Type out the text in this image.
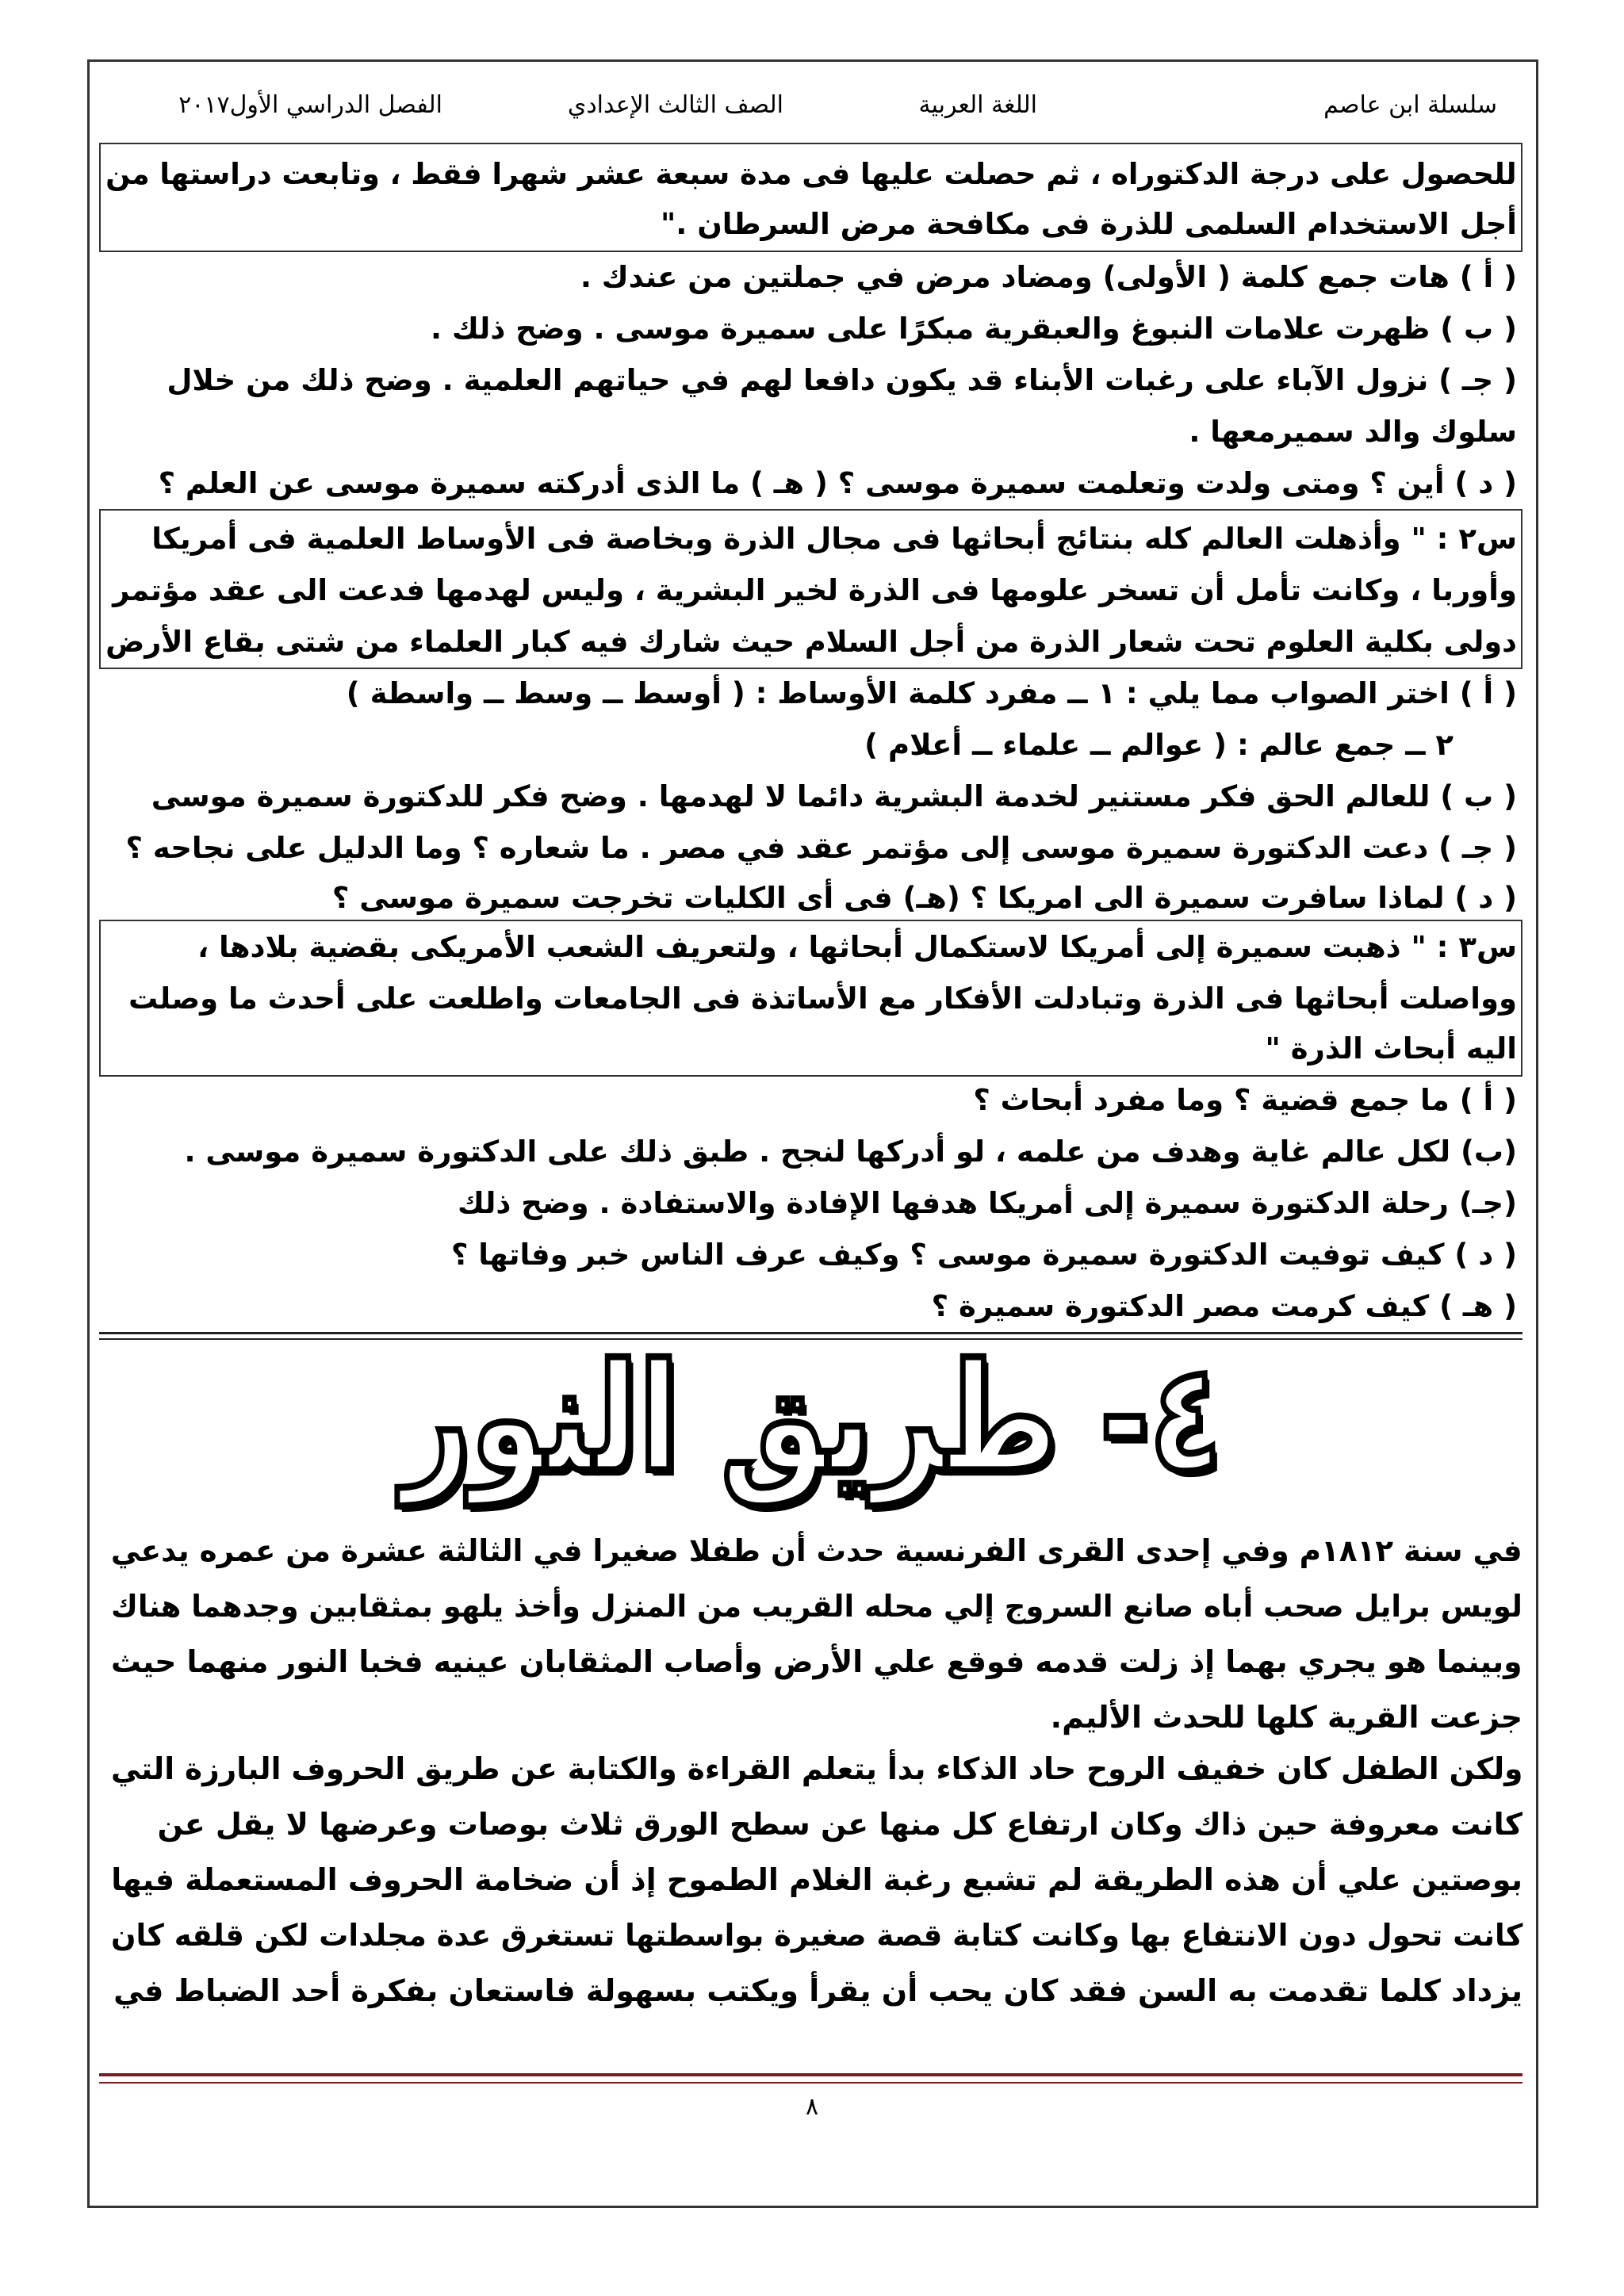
سلسلة ابن عاصم
اللغة العربية
الصف الثالث الإعدادي
الفصل الدراسي الأول٢٠١٧
للحصول على درجة الدكتوراه ، ثم حصلت عليها فى مدة سبعة عشر شهرا فقط ، وتابعت دراستها من
أجل الاستخدام السلمى للذرة فى مكافحة مرض السرطان ."
( أ ) هات جمع كلمة ( الأولى) ومضاد مرض في جملتين من عندك .
( ب ) ظهرت علامات النبوغ والعبقرية مبكرًا على سميرة موسى . وضح ذلك .
( جـ ) نزول الآباء على رغبات الأبناء قد يكون دافعا لهم في حياتهم العلمية . وضح ذلك من خلال
سلوك والد سميرمعها .
( د ) أين ؟ ومتى ولدت وتعلمت سميرة موسى ؟ ( هـ ) ما الذى أدركته سميرة موسى عن العلم ؟
س٢ : " وأذهلت العالم كله بنتائج أبحاثها فى مجال الذرة وبخاصة فى الأوساط العلمية فى أمريكا
وأوربا ، وكانت تأمل أن تسخر علومها فى الذرة لخير البشرية ، وليس لهدمها فدعت الى عقد مؤتمر
دولى بكلية العلوم تحت شعار الذرة من أجل السلام حيث شارك فيه كبار العلماء من شتى بقاع الأرض
( أ ) اختر الصواب مما يلي : ١ ــ مفرد كلمة الأوساط : ( أوسط ــ وسط ــ واسطة )
٢ ــ جمع عالم : ( عوالم ــ علماء ــ أعلام )
( ب ) للعالم الحق فكر مستنير لخدمة البشرية دائما لا لهدمها . وضح فكر للدكتورة سميرة موسى
( جـ ) دعت الدكتورة سميرة موسى إلى مؤتمر عقد في مصر . ما شعاره ؟ وما الدليل على نجاحه ؟
( د ) لماذا سافرت سميرة الى امريكا ؟ (هـ) فى أى الكليات تخرجت سميرة موسى ؟
س٣ : " ذهبت سميرة إلى أمريكا لاستكمال أبحاثها ، ولتعريف الشعب الأمريكى بقضية بلادها ،
وواصلت أبحاثها فى الذرة وتبادلت الأفكار مع الأساتذة فى الجامعات واطلعت على أحدث ما وصلت
اليه أبحاث الذرة "
( أ ) ما جمع قضية ؟ وما مفرد أبحاث ؟
(ب) لكل عالم غاية وهدف من علمه ، لو أدركها لنجح . طبق ذلك على الدكتورة سميرة موسى .
(جـ) رحلة الدكتورة سميرة إلى أمريكا هدفها الإفادة والاستفادة . وضح ذلك
( د ) كيف توفيت الدكتورة سميرة موسى ؟ وكيف عرف الناس خبر وفاتها ؟
( هـ ) كيف كرمت مصر الدكتورة سميرة ؟
٤- طريق النور
في سنة ١٨١٢م وفي إحدى القرى الفرنسية حدث أن طفلا صغيرا في الثالثة عشرة من عمره يدعي
لويس برايل صحب أباه صانع السروج إلي محله القريب من المنزل وأخذ يلهو بمثقابين وجدهما هناك
وبينما هو يجري بهما إذ زلت قدمه فوقع علي الأرض وأصاب المثقابان عينيه فخبا النور منهما حيث
جزعت القرية كلها للحدث الأليم.
ولكن الطفل كان خفيف الروح حاد الذكاء بدأ يتعلم القراءة والكتابة عن طريق الحروف البارزة التي
كانت معروفة حين ذاك وكان ارتفاع كل منها عن سطح الورق ثلاث بوصات وعرضها لا يقل عن
بوصتين علي أن هذه الطريقة لم تشبع رغبة الغلام الطموح إذ أن ضخامة الحروف المستعملة فيها
كانت تحول دون الانتفاع بها وكانت كتابة قصة صغيرة بواسطتها تستغرق عدة مجلدات لكن قلقه كان
يزداد كلما تقدمت به السن فقد كان يحب أن يقرأ ويكتب بسهولة فاستعان بفكرة أحد الضباط في
٨
